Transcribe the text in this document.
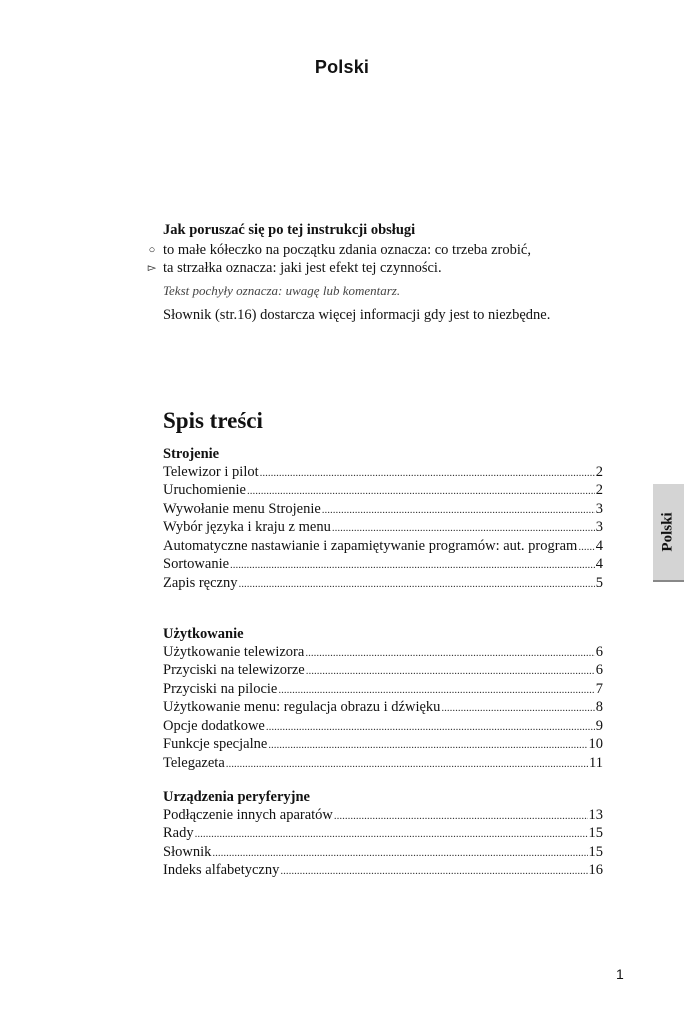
Polski
Jak poruszać się po tej instrukcji obsługi
○ to małe kółeczko na początku zdania oznacza: co trzeba zrobić,
▻ ta strzałka oznacza: jaki jest efekt tej czynności.
Tekst pochyły oznacza: uwagę lub komentarz.
Słownik (str.16) dostarcza więcej informacji gdy jest to niezbędne.
Spis treści
Strojenie
Telewizor i pilot .....	2
Uruchomienie .....	2
Wywołanie menu Strojenie .....	3
Wybór języka i kraju z menu .....	3
Automatyczne nastawianie i zapamiętywanie programów: aut. program ..... 4
Sortowanie .....	4
Zapis ręczny .....	5
Użytkowanie
Użytkowanie telewizora .....	6
Przyciski na telewizorze .....	6
Przyciski na pilocie .....	7
Użytkowanie menu: regulacja obrazu i dźwięku .....	8
Opcje dodatkowe .....	9
Funkcje specjalne .....	10
Telegazeta .....	11
Urządzenia peryferyjne
Podłączenie innych aparatów .....	13
Rady .....	15
Słownik .....	15
Indeks alfabetyczny .....	16
Polski
1
